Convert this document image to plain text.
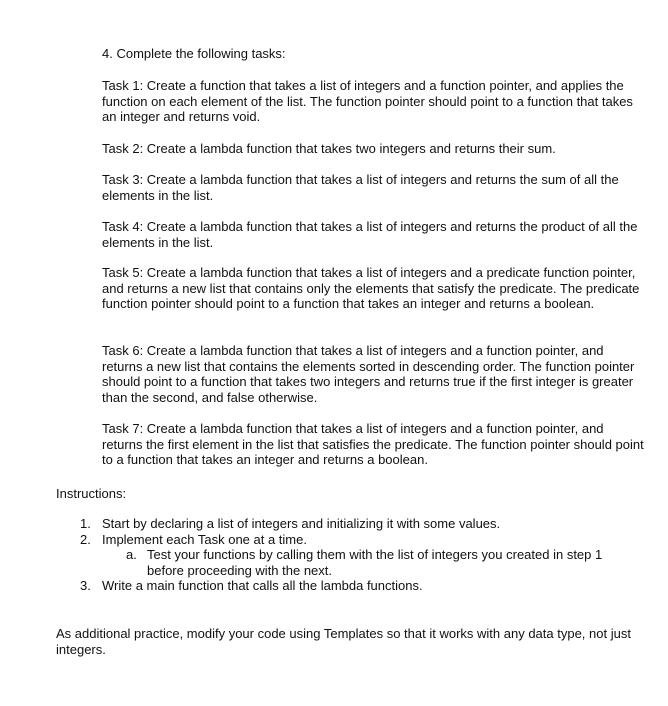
4. Complete the following tasks:

Task 1: Create a function that takes a list of integers and a function pointer, and applies the function on each element of the list. The function pointer should point to a function that takes an integer and returns void.

Task 2: Create a lambda function that takes two integers and returns their sum.

Task 3: Create a lambda function that takes a list of integers and returns the sum of all the elements in the list.

Task 4: Create a lambda function that takes a list of integers and returns the product of all the elements in the list.

Task 5: Create a lambda function that takes a list of integers and a predicate function pointer, and returns a new list that contains only the elements that satisfy the predicate. The predicate function pointer should point to a function that takes an integer and returns a boolean.

Task 6: Create a lambda function that takes a list of integers and a function pointer, and returns a new list that contains the elements sorted in descending order. The function pointer should point to a function that takes two integers and returns true if the first integer is greater than the second, and false otherwise.

Task 7: Create a lambda function that takes a list of integers and a function pointer, and returns the first element in the list that satisfies the predicate. The function pointer should point to a function that takes an integer and returns a boolean.

Instructions:

1. Start by declaring a list of integers and initializing it with some values.
2. Implement each Task one at a time.
a. Test your functions by calling them with the list of integers you created in step 1 before proceeding with the next.
3. Write a main function that calls all the lambda functions.

As additional practice, modify your code using Templates so that it works with any data type, not just integers.
